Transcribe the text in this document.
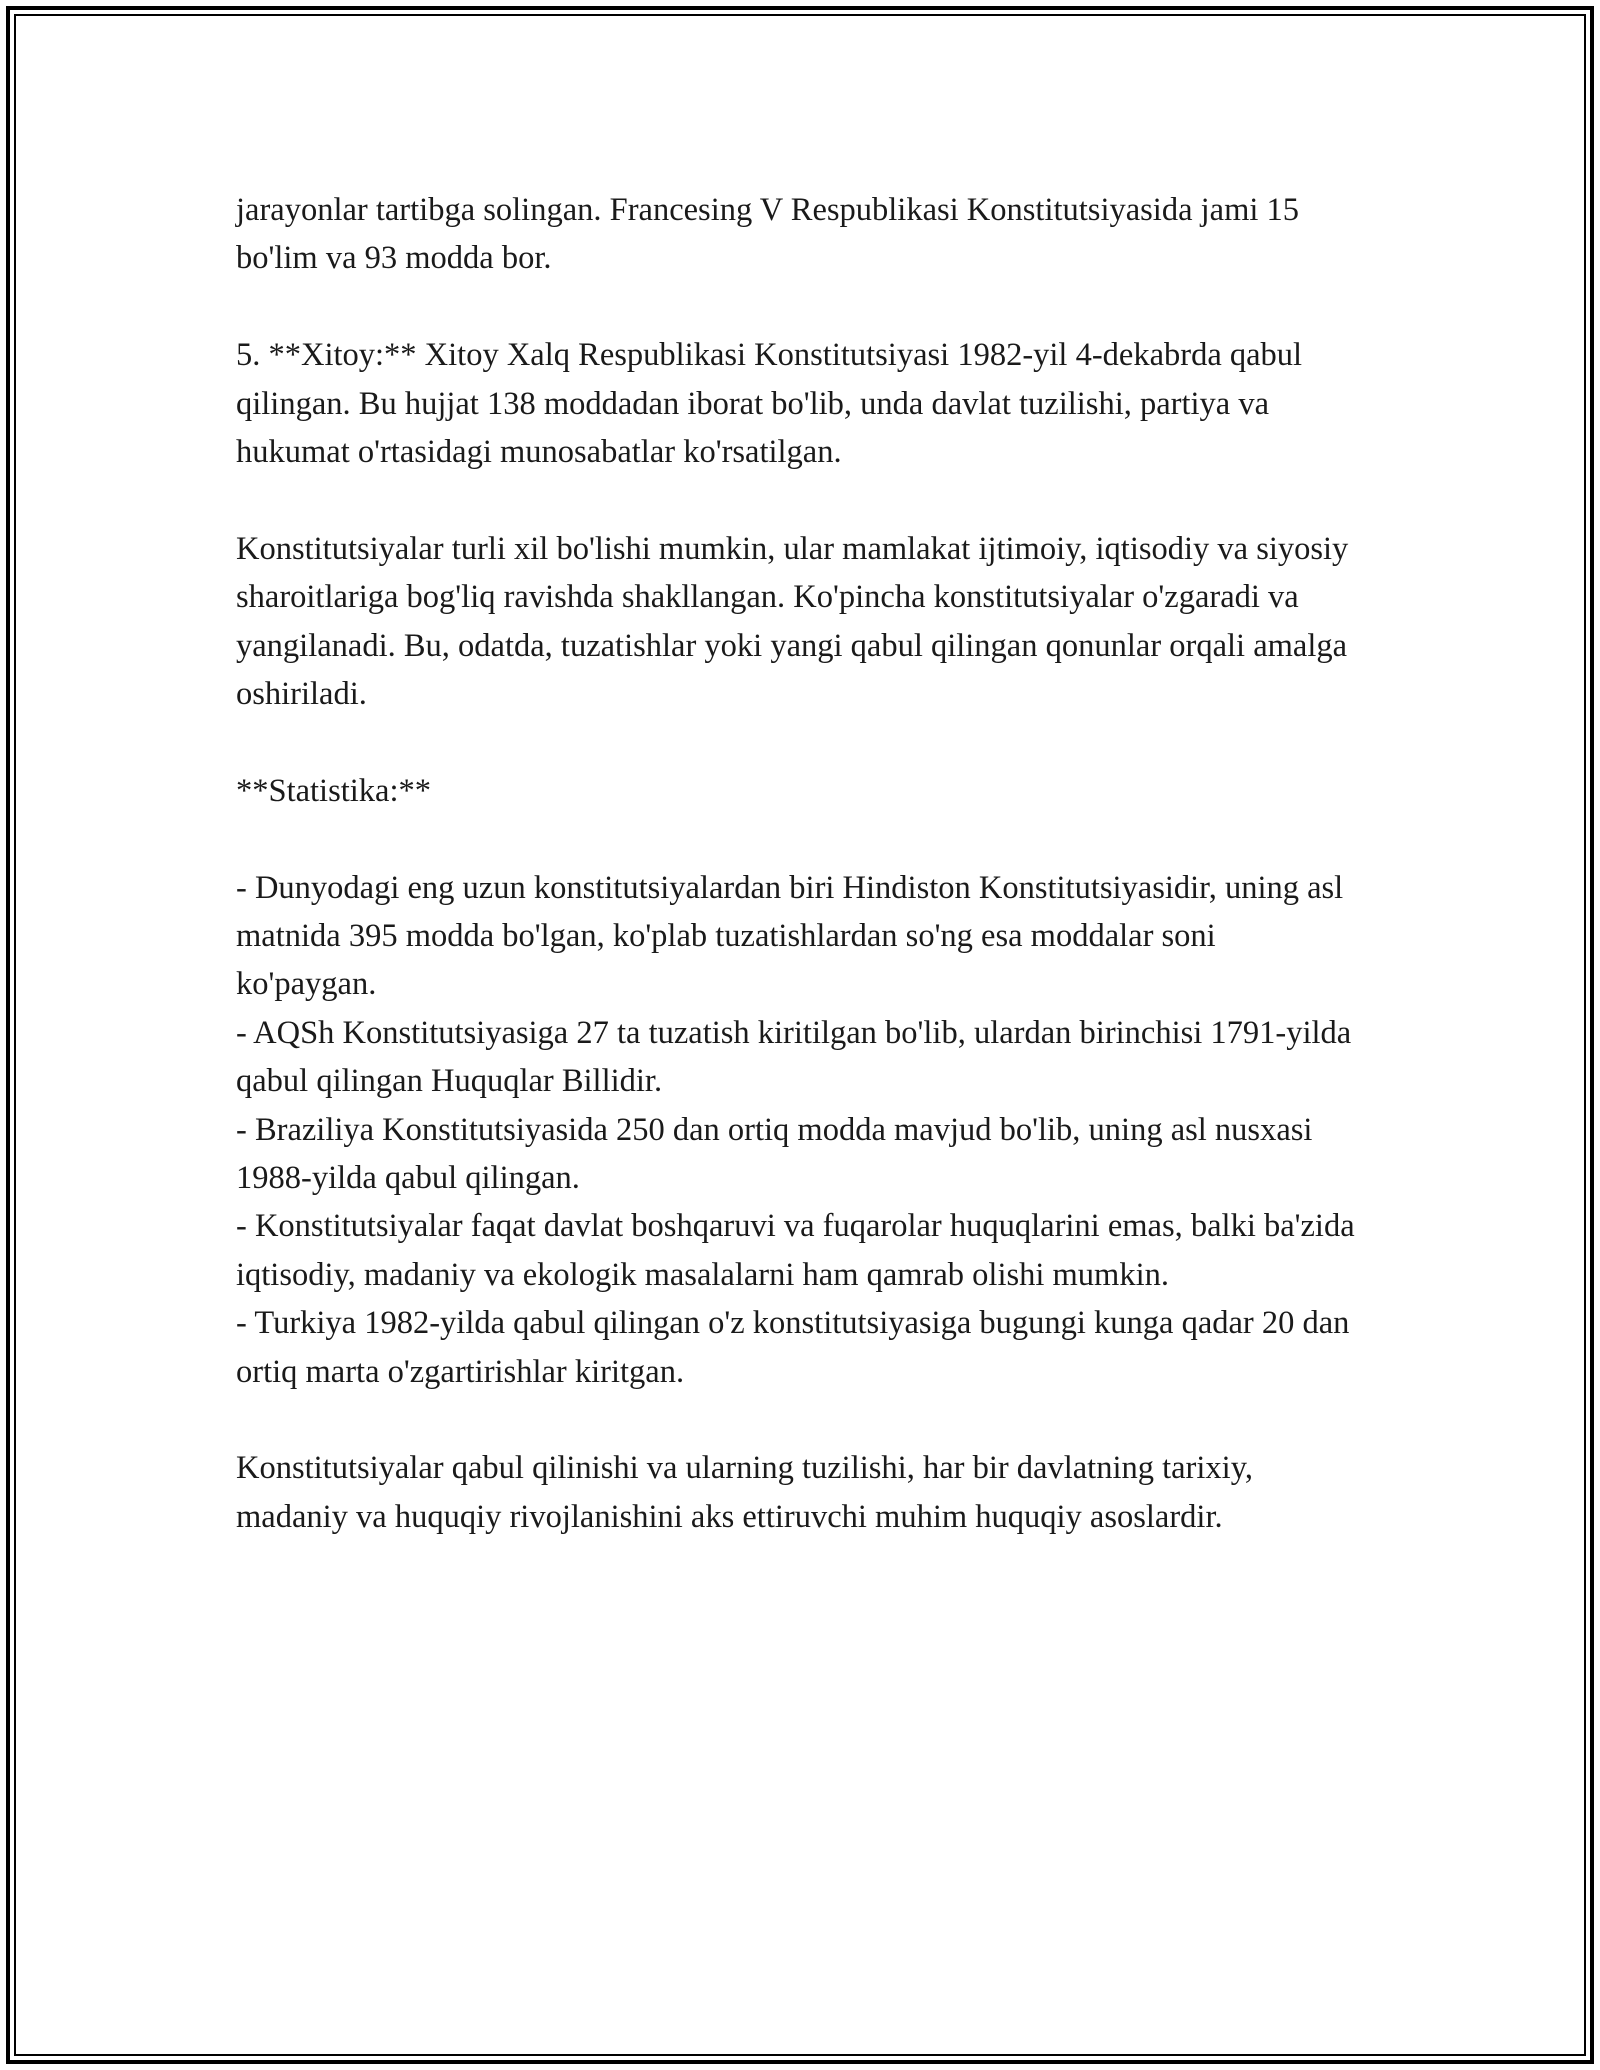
jarayonlar tartibga solingan. Francesing V Respublikasi Konstitutsiyasida jami 15 bo'lim va 93 modda bor.

5. **Xitoy:** Xitoy Xalq Respublikasi Konstitutsiyasi 1982-yil 4-dekabrda qabul qilingan. Bu hujjat 138 moddadan iborat bo'lib, unda davlat tuzilishi, partiya va hukumat o'rtasidagi munosabatlar ko'rsatilgan.

Konstitutsiyalar turli xil bo'lishi mumkin, ular mamlakat ijtimoiy, iqtisodiy va siyosiy sharoitlariga bog'liq ravishda shakllangan. Ko'pincha konstitutsiyalar o'zgaradi va yangilanadi. Bu, odatda, tuzatishlar yoki yangi qabul qilingan qonunlar orqali amalga oshiriladi.

**Statistika:**

- Dunyodagi eng uzun konstitutsiyalardan biri Hindiston Konstitutsiyasidir, uning asl matnida 395 modda bo'lgan, ko'plab tuzatishlardan so'ng esa moddalar soni ko'paygan.

- AQSh Konstitutsiyasiga 27 ta tuzatish kiritilgan bo'lib, ulardan birinchisi 1791-yilda qabul qilingan Huquqlar Billidir.

- Braziliya Konstitutsiyasida 250 dan ortiq modda mavjud bo'lib, uning asl nusxasi 1988-yilda qabul qilingan.

- Konstitutsiyalar faqat davlat boshqaruvi va fuqarolar huquqlarini emas, balki ba'zida iqtisodiy, madaniy va ekologik masalalarni ham qamrab olishi mumkin.

- Turkiya 1982-yilda qabul qilingan o'z konstitutsiyasiga bugungi kunga qadar 20 dan ortiq marta o'zgartirishlar kiritgan.

Konstitutsiyalar qabul qilinishi va ularning tuzilishi, har bir davlatning tarixiy, madaniy va huquqiy rivojlanishini aks ettiruvchi muhim huquqiy asoslardir.
